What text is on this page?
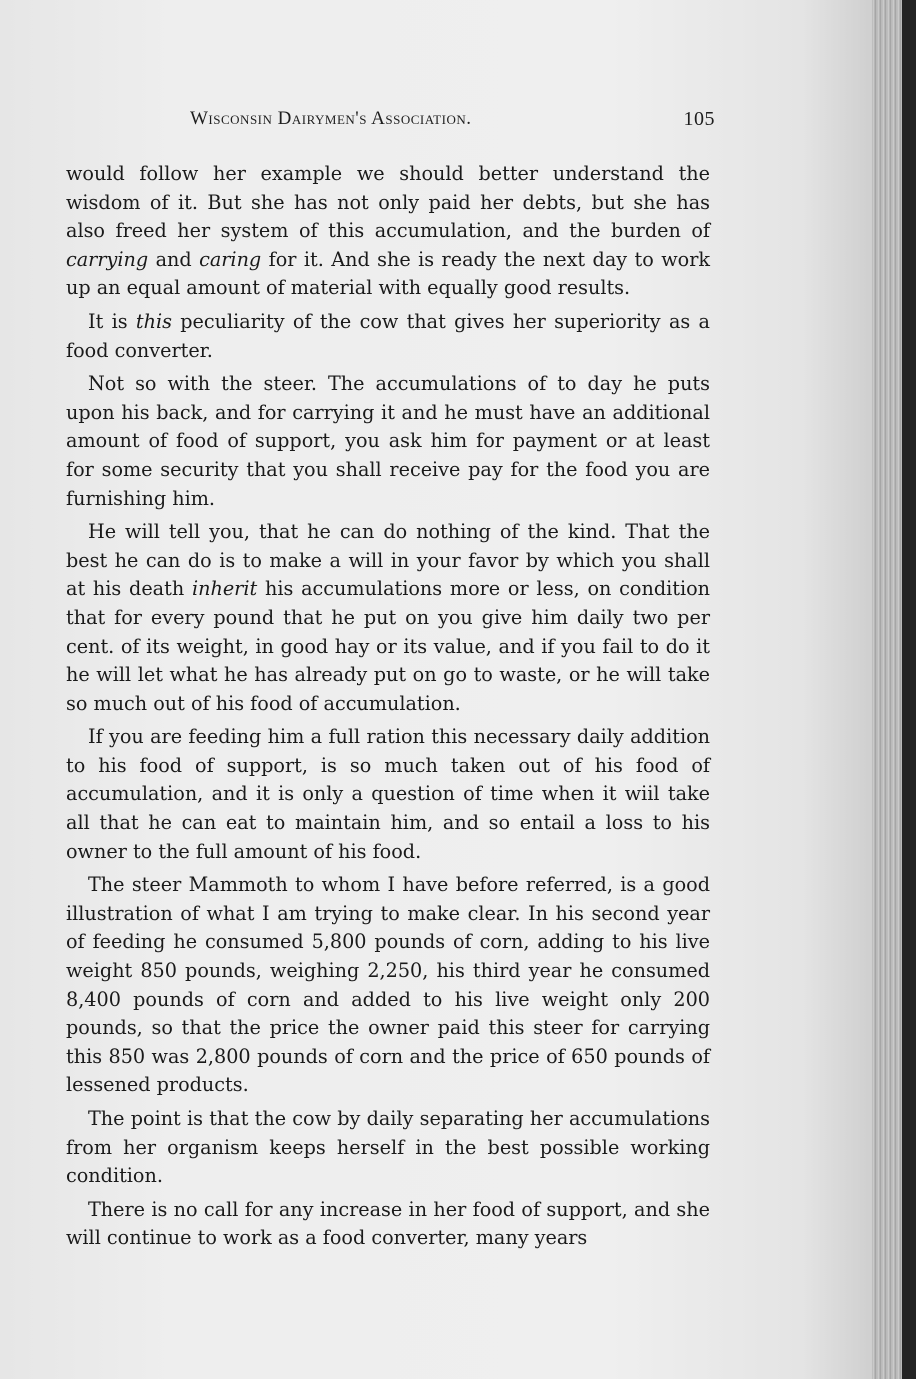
Wisconsin Dairymen's Association.	105

would follow her example we should better understand the wisdom of it. But she has not only paid her debts, but she has also freed her system of this accumulation, and the burden of carrying and caring for it. And she is ready the next day to work up an equal amount of material with equally good results.

It is this peculiarity of the cow that gives her superiority as a food converter.

Not so with the steer. The accumulations of to day he puts upon his back, and for carrying it and he must have an additional amount of food of support, you ask him for payment or at least for some security that you shall receive pay for the food you are furnishing him.

He will tell you, that he can do nothing of the kind. That the best he can do is to make a will in your favor by which you shall at his death inherit his accumulations more or less, on condition that for every pound that he put on you give him daily two per cent. of its weight, in good hay or its value, and if you fail to do it he will let what he has already put on go to waste, or he will take so much out of his food of accumulation.

If you are feeding him a full ration this necessary daily addition to his food of support, is so much taken out of his food of accumulation, and it is only a question of time when it wiil take all that he can eat to maintain him, and so entail a loss to his owner to the full amount of his food.

The steer Mammoth to whom I have before referred, is a good illustration of what I am trying to make clear. In his second year of feeding he consumed 5,800 pounds of corn, adding to his live weight 850 pounds, weighing 2,250, his third year he consumed 8,400 pounds of corn and added to his live weight only 200 pounds, so that the price the owner paid this steer for carrying this 850 was 2,800 pounds of corn and the price of 650 pounds of lessened products.

The point is that the cow by daily separating her accumulations from her organism keeps herself in the best possible working condition.

There is no call for any increase in her food of support, and she will continue to work as a food converter, many years
